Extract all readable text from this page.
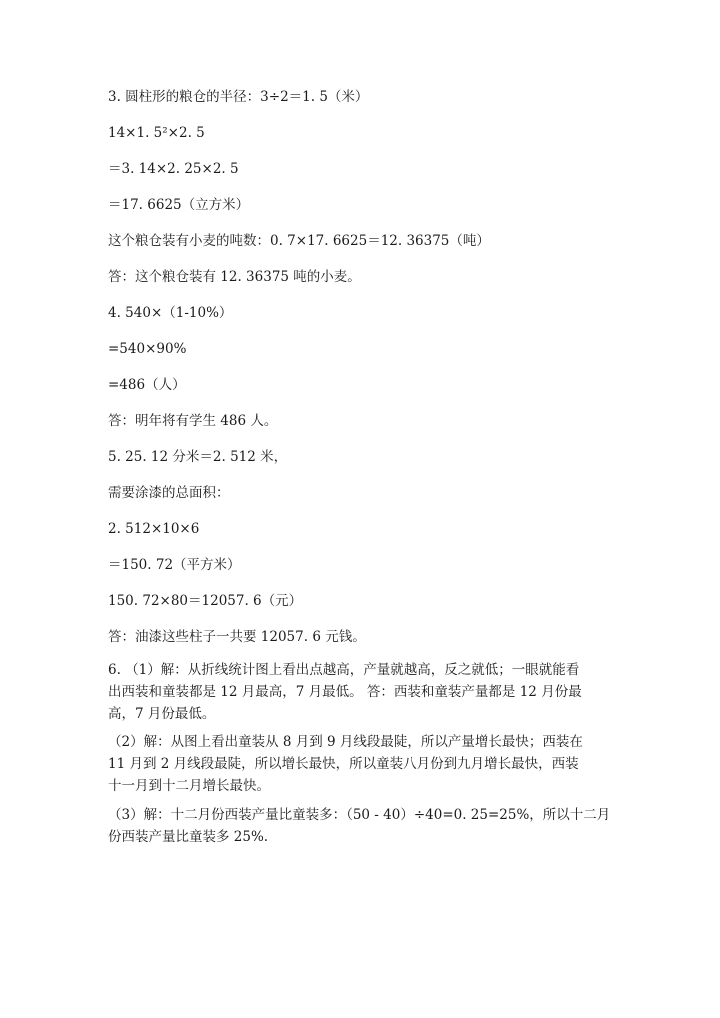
3. 圆柱形的粮仓的半径：3÷2＝1. 5（米）
14×1. 5²×2. 5
＝3. 14×2. 25×2. 5
＝17. 6625（立方米）
这个粮仓装有小麦的吨数：0. 7×17. 6625＝12. 36375（吨）
答：这个粮仓装有 12. 36375 吨的小麦。
4. 540×（1-10%）
=540×90%
=486（人）
答：明年将有学生 486 人。
5. 25. 12 分米＝2. 512 米，
需要涂漆的总面积：
2. 512×10×6
＝150. 72（平方米）
150. 72×80＝12057. 6（元）
答：油漆这些柱子一共要 12057. 6 元钱。
6. （1）解：从折线统计图上看出点越高，产量就越高，反之就低；一眼就能看
出西装和童装都是 12 月最高，7 月最低。 答：西装和童装产量都是 12 月份最
高，7 月份最低。
（2）解：从图上看出童装从 8 月到 9 月线段最陡，所以产量增长最快；西装在
11 月到 2 月线段最陡，所以增长最快，所以童装八月份到九月增长最快，西装
十一月到十二月增长最快。
（3）解：十二月份西装产量比童装多：（50 - 40）÷40=0. 25=25%，所以十二月
份西装产量比童装多 25%.
